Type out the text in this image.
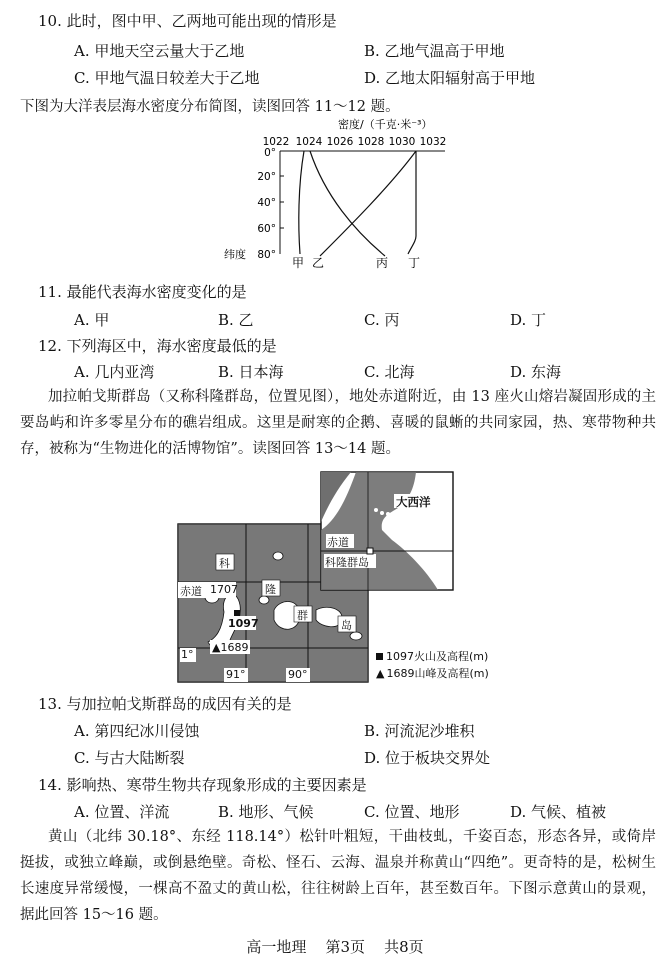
10. 此时，图中甲、乙两地可能出现的情形是
A. 甲地天空云量大于乙地	B. 乙地气温高于甲地
C. 甲地气温日较差大于乙地	D. 乙地太阳辐射高于甲地
下图为大洋表层海水密度分布简图，读图回答 11～12 题。
密度/（千克·米⁻³）
1022 1024 1026 1028 1030 1032
0°
20°
40°
60°
纬度 80°
甲 乙	丙 丁
11. 最能代表海水密度变化的是
A. 甲	B. 乙	C. 丙	D. 丁
12. 下列海区中，海水密度最低的是
A. 几内亚湾	B. 日本海	C. 北海	D. 东海

加拉帕戈斯群岛（又称科隆群岛，位置见图），地处赤道附近，由 13 座火山熔岩凝固形成的主要岛屿和许多零星分布的礁岩组成。这里是耐寒的企鹅、喜暖的鼠蜥的共同家园，热、寒带物种共存，被称为“生物进化的活博物馆”。读图回答 13～14 题。

大西洋
赤道
科隆群岛
科
隆
群
岛
赤道 1707
1097
▲1689
1°
91°	90°
1097火山及高程(m)
▲ 1689山峰及高程(m)
13. 与加拉帕戈斯群岛的成因有关的是
A. 第四纪冰川侵蚀	B. 河流泥沙堆积
C. 与古大陆断裂	D. 位于板块交界处
14. 影响热、寒带生物共存现象形成的主要因素是
A. 位置、洋流	B. 地形、气候	C. 位置、地形	D. 气候、植被

黄山（北纬 30.18°、东经 118.14°）松针叶粗短，干曲枝虬，千姿百态，形态各异，或倚岸挺拔，或独立峰巅，或倒悬绝壁。奇松、怪石、云海、温泉并称黄山“四绝”。更奇特的是，松树生长速度异常缓慢，一棵高不盈丈的黄山松，往往树龄上百年，甚至数百年。下图示意黄山的景观，据此回答 15～16 题。

高一地理    第3页    共8页
